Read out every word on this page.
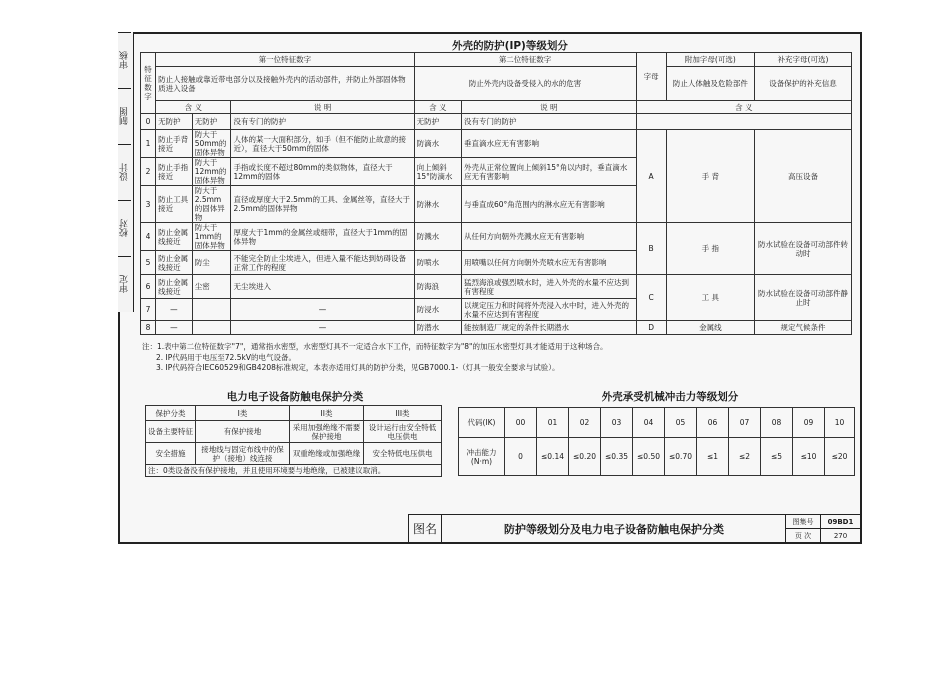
审核
制图
设计
校对
审定
外壳的防护(IP)等级划分
特征数字	第一位特征数字			第二位特征数字		字母	附加字母(可选)	补充字母(可选)
	防止人接触或靠近带电部分以及接触外壳内的活动部件，并防止外部固体物质进入设备			防止外壳内设备受侵入的水的危害			防止人体触及危险部件	设备保护的补充信息
	含 义		说 明	含 义	说 明	含 义		
0	无防护	无防护	没有专门的防护	无防护	没有专门的防护			
1	防止手背接近	防大于50mm的固体异物	人体的某一大面积部分，如手（但不能防止故意的接近），直径大于50mm的固体	防滴水	垂直滴水应无有害影响	A	手 背	高压设备
2	防止手指接近	防大于12mm的固体异物	手指或长度不超过80mm的类似物体，直径大于12mm的固体	向上倾斜15°防滴水	外壳从正常位置向上倾斜15°角以内时，垂直滴水应无有害影响			
3	防止工具接近	防大于2.5mm的固体异物	直径或厚度大于2.5mm的工具、金属丝等，直径大于2.5mm的固体异物	防淋水	与垂直成60°角范围内的淋水应无有害影响			
4	防止金属线接近	防大于1mm的固体异物	厚度大于1mm的金属丝或细带，直径大于1mm的固体异物	防溅水	从任何方向朝外壳溅水应无有害影响	B	手 指	防水试验在设备可动部件转动时
5	防止金属线接近	防尘	不能完全防止尘埃进入，但进入量不能达到妨碍设备正常工作的程度	防喷水	用喷嘴以任何方向朝外壳喷水应无有害影响			
6	防止金属线接近	尘密	无尘埃进入	防海浪	猛烈海浪或强烈喷水时，进入外壳的水量不应达到有害程度	C	工 具	防水试验在设备可动部件静止时
7	—		—	防浸水	以规定压力和时间将外壳浸入水中时，进入外壳的水量不应达到有害程度			
8	—		—	防潜水	能按制造厂规定的条件长期潜水	D	金属线	规定气候条件
注：1.表中第二位特征数字"7"，通常指水密型，水密型灯具不一定适合水下工作，而特征数字为"8"的加压水密型灯具才能适用于这种场合。
2. IP代码用于电压至72.5kV的电气设备。
3. IP代码符合IEC60529和GB4208标准规定，本表亦适用灯具的防护分类，见GB7000.1-（灯具一般安全要求与试验）。
电力电子设备防触电保护分类
保护分类	I类	II类	III类
设备主要特征	有保护接地	采用加强绝缘不需要保护接地	设计运行由安全特低电压供电
安全措施	接地线与固定布线中的保护（接地）线连接	双重绝缘或加强绝缘	安全特低电压供电
注：0类设备没有保护接地，并且使用环境要与地绝缘，已被建议取消。			
外壳承受机械冲击力等级划分
代码(IK)	00	01	02	03	04	05	06	07	08	09	10
冲击能力(N·m)	0	≤0.14	≤0.20	≤0.35	≤0.50	≤0.70	≤1	≤2	≤5	≤10	≤20
图名	防护等级划分及电力电子设备防触电保护分类
图集号	09BD1
页 次	270
